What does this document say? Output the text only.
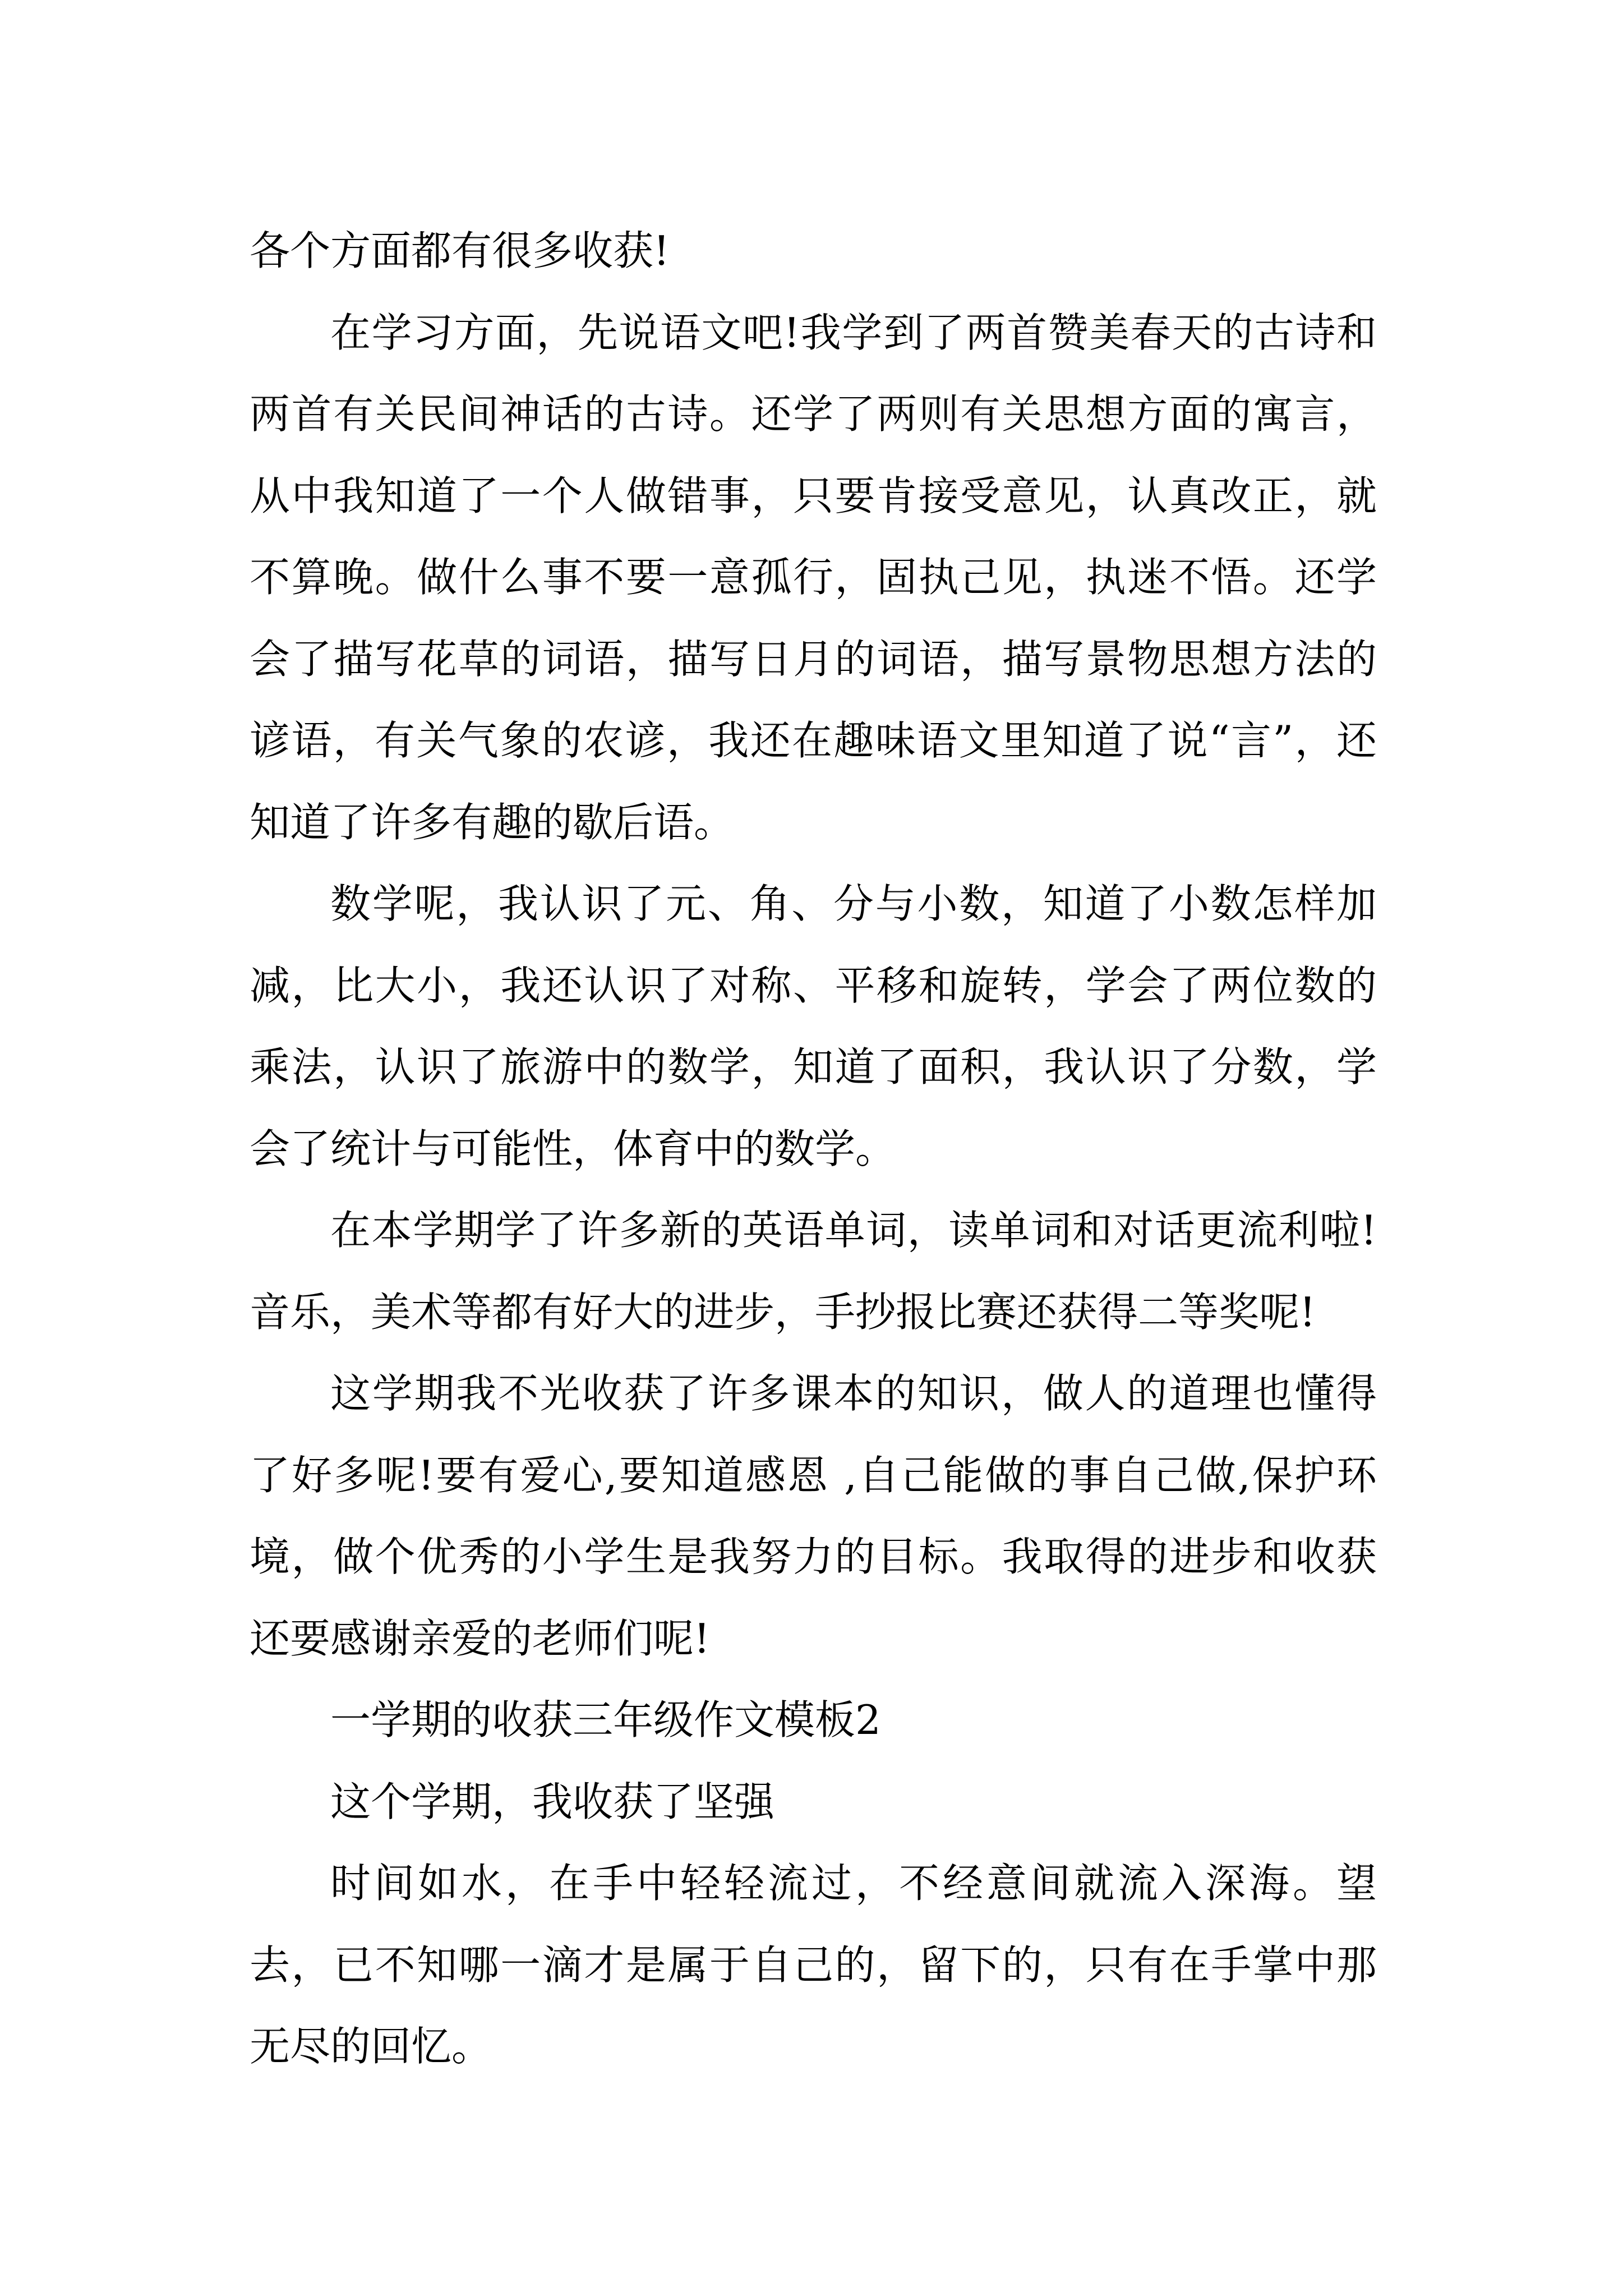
各个方面都有很多收获!

在学习方面，先说语文吧!我学到了两首赞美春天的古诗和两首有关民间神话的古诗。还学了两则有关思想方面的寓言，从中我知道了一个人做错事，只要肯接受意见，认真改正，就不算晚。做什么事不要一意孤行，固执己见，执迷不悟。还学会了描写花草的词语，描写日月的词语，描写景物思想方法的谚语，有关气象的农谚，我还在趣味语文里知道了说“言”，还知道了许多有趣的歇后语。

数学呢，我认识了元、角、分与小数，知道了小数怎样加减，比大小，我还认识了对称、平移和旋转，学会了两位数的乘法，认识了旅游中的数学，知道了面积，我认识了分数，学会了统计与可能性，体育中的数学。

在本学期学了许多新的英语单词，读单词和对话更流利啦!音乐，美术等都有好大的进步，手抄报比赛还获得二等奖呢!

这学期我不光收获了许多课本的知识，做人的道理也懂得了好多呢!要有爱心,要知道感恩 ,自己能做的事自己做,保护环境，做个优秀的小学生是我努力的目标。我取得的进步和收获还要感谢亲爱的老师们呢!

一学期的收获三年级作文模板2

这个学期，我收获了坚强

时间如水，在手中轻轻流过，不经意间就流入深海。望去，已不知哪一滴才是属于自己的，留下的，只有在手掌中那无尽的回忆。
